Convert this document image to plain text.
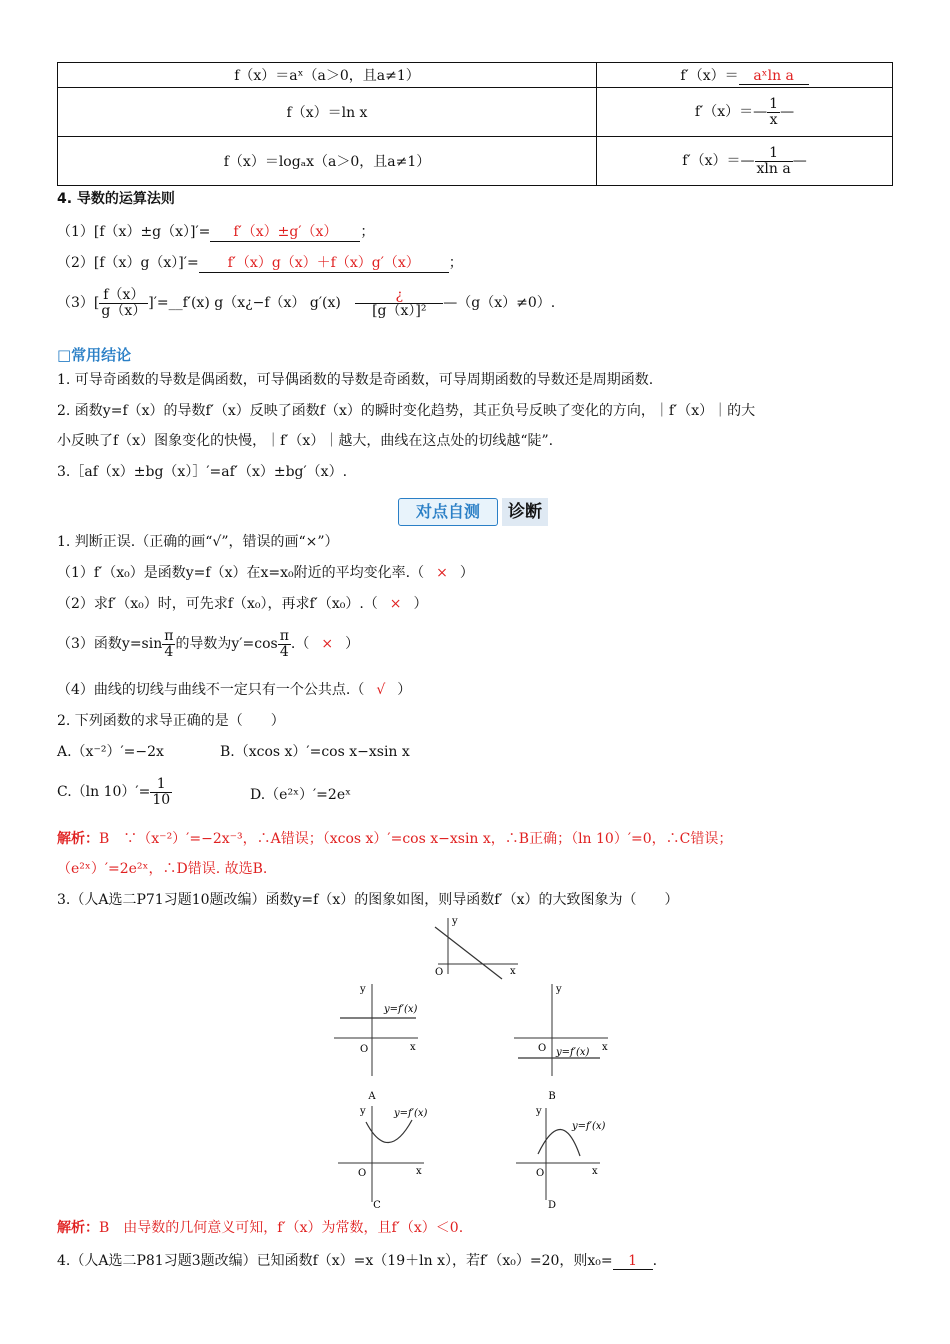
f（x）＝aˣ（a＞0，且a≠1）	f′（x）＝ aˣln a
f（x）＝ln x	f′（x）＝— $\frac{1}{x}$ —
f（x）＝logₐx（a＞0，且a≠1）	f′（x）＝— $\frac{1}{\text{xln a}}$ —
4. 导数的运算法则
（1）[f（x）±g（x）]′= f′（x）±g′（x） ；
（2）[f（x）g（x）]′= f′（x）g（x）＋f（x）g′（x） ；
$(3)[ \frac{f(x)}{g(x)}$ ]′=__f′(x) g（x¿−f（x） $g'(x) \frac{¿}{\text{[g（x）]²}}$ —（g（x）≠0）.
□常用结论
1. 可导奇函数的导数是偶函数，可导偶函数的导数是奇函数，可导周期函数的导数还是周期函数.
2. 函数y=f（x）的导数f′（x）反映了函数f（x）的瞬时变化趋势，其正负号反映了变化的方向，｜f′（x）｜的大
小反映了f（x）图象变化的快慢，｜f′（x）｜越大，曲线在这点处的切线越“陡”.
3.［af（x）±bg（x）］′=af′（x）±bg′（x）.
对点自测	诊断
1. 判断正误.（正确的画“√”，错误的画“×”）
（1）f′（x₀）是函数y=f（x）在x=x₀附近的平均变化率.（ × ）
（2）求f′（x₀）时，可先求f（x₀），再求f′（x₀）.（ × ）
（3）函数$y=\sin \frac{\pi}{4}$ 的导数为$y'=\cos \frac{\pi}{4}$ .（ × ）
（4）曲线的切线与曲线不一定只有一个公共点.（ √ ）
2. 下列函数的求导正确的是（　　）
A.（x⁻²）′=−2x	B.（xcos x）′=cos x−xsin x
C.（ln $10)'= \frac{1}{10}$	D.（e²ˣ）′=2eˣ
解析：B　∵（x⁻²）′=−2x⁻³，∴A错误；（xcos x）′=cos x−xsin x，∴B正确；（ln 10）′=0，∴C错误；
（e²ˣ）′=2e²ˣ，∴D错误. 故选B.
3.（人A选二P71习题10题改编）函数y=f（x）的图象如图，则导函数f′（x）的大致图象为（　　）
y
x
O
y
x
O
y=f′(x)
A
y
x
O y=f′(x)
B
y
x
O
y=f′(x)
C
y
x
O
y=f′(x)
D
解析：B　由导数的几何意义可知，f′（x）为常数，且f′（x）＜0.
4.（人A选二P81习题3题改编）已知函数f（x）=x（19＋ln x），若f′（x₀）=20，则x₀= 1 .
